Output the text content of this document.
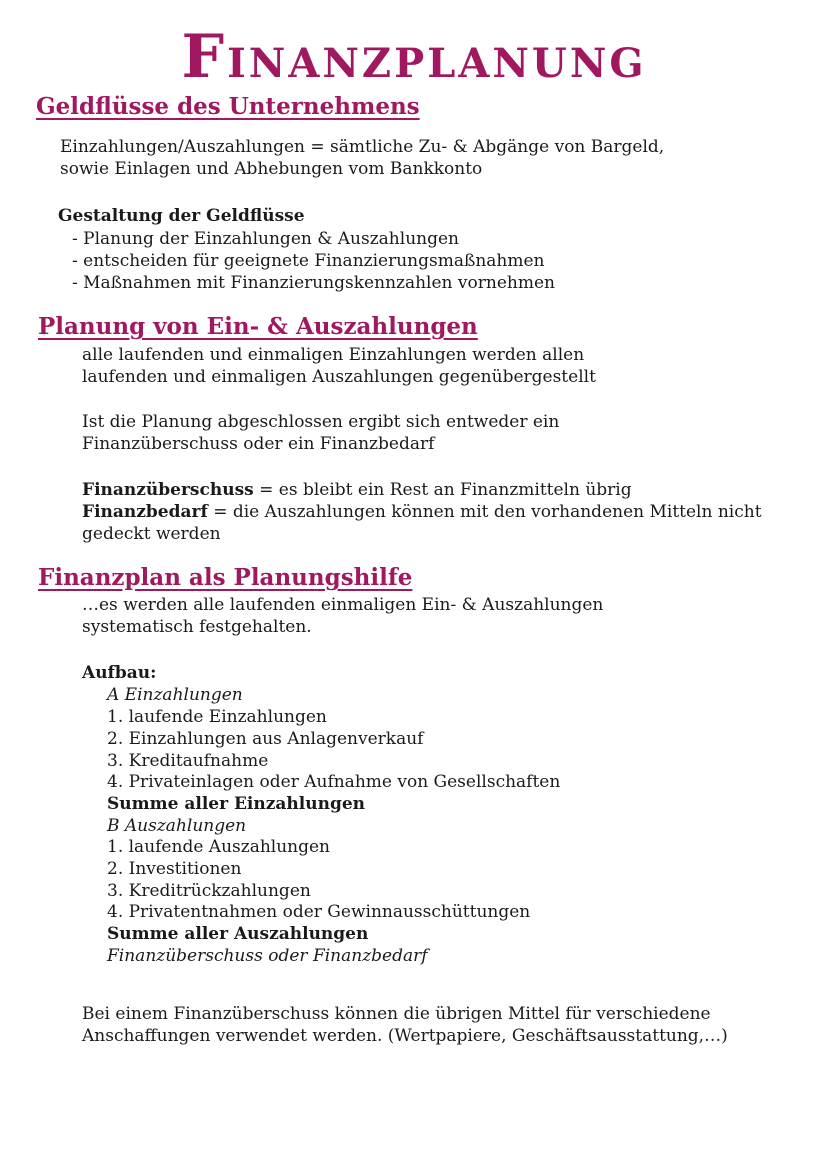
FINANZPLANUNG
Geldflüsse des Unternehmens
Einzahlungen/Auszahlungen = sämtliche Zu- & Abgänge von Bargeld,
sowie Einlagen und Abhebungen vom Bankkonto
Gestaltung der Geldflüsse
- Planung der Einzahlungen & Auszahlungen
- entscheiden für geeignete Finanzierungsmaßnahmen
- Maßnahmen mit Finanzierungskennzahlen vornehmen
Planung von Ein- & Auszahlungen
alle laufenden und einmaligen Einzahlungen werden allen
laufenden und einmaligen Auszahlungen gegenübergestellt
Ist die Planung abgeschlossen ergibt sich entweder ein
Finanzüberschuss oder ein Finanzbedarf
Finanzüberschuss = es bleibt ein Rest an Finanzmitteln übrig
Finanzbedarf = die Auszahlungen können mit den vorhandenen Mitteln nicht
gedeckt werden
Finanzplan als Planungshilfe
…es werden alle laufenden einmaligen Ein- & Auszahlungen
systematisch festgehalten.
Aufbau:
A Einzahlungen
1. laufende Einzahlungen
2. Einzahlungen aus Anlagenverkauf
3. Kreditaufnahme
4. Privateinlagen oder Aufnahme von Gesellschaften
Summe aller Einzahlungen
B Auszahlungen
1. laufende Auszahlungen
2. Investitionen
3. Kreditrückzahlungen
4. Privatentnahmen oder Gewinnausschüttungen
Summe aller Auszahlungen
Finanzüberschuss oder Finanzbedarf
Bei einem Finanzüberschuss können die übrigen Mittel für verschiedene
Anschaffungen verwendet werden. (Wertpapiere, Geschäftsausstattung,…)
